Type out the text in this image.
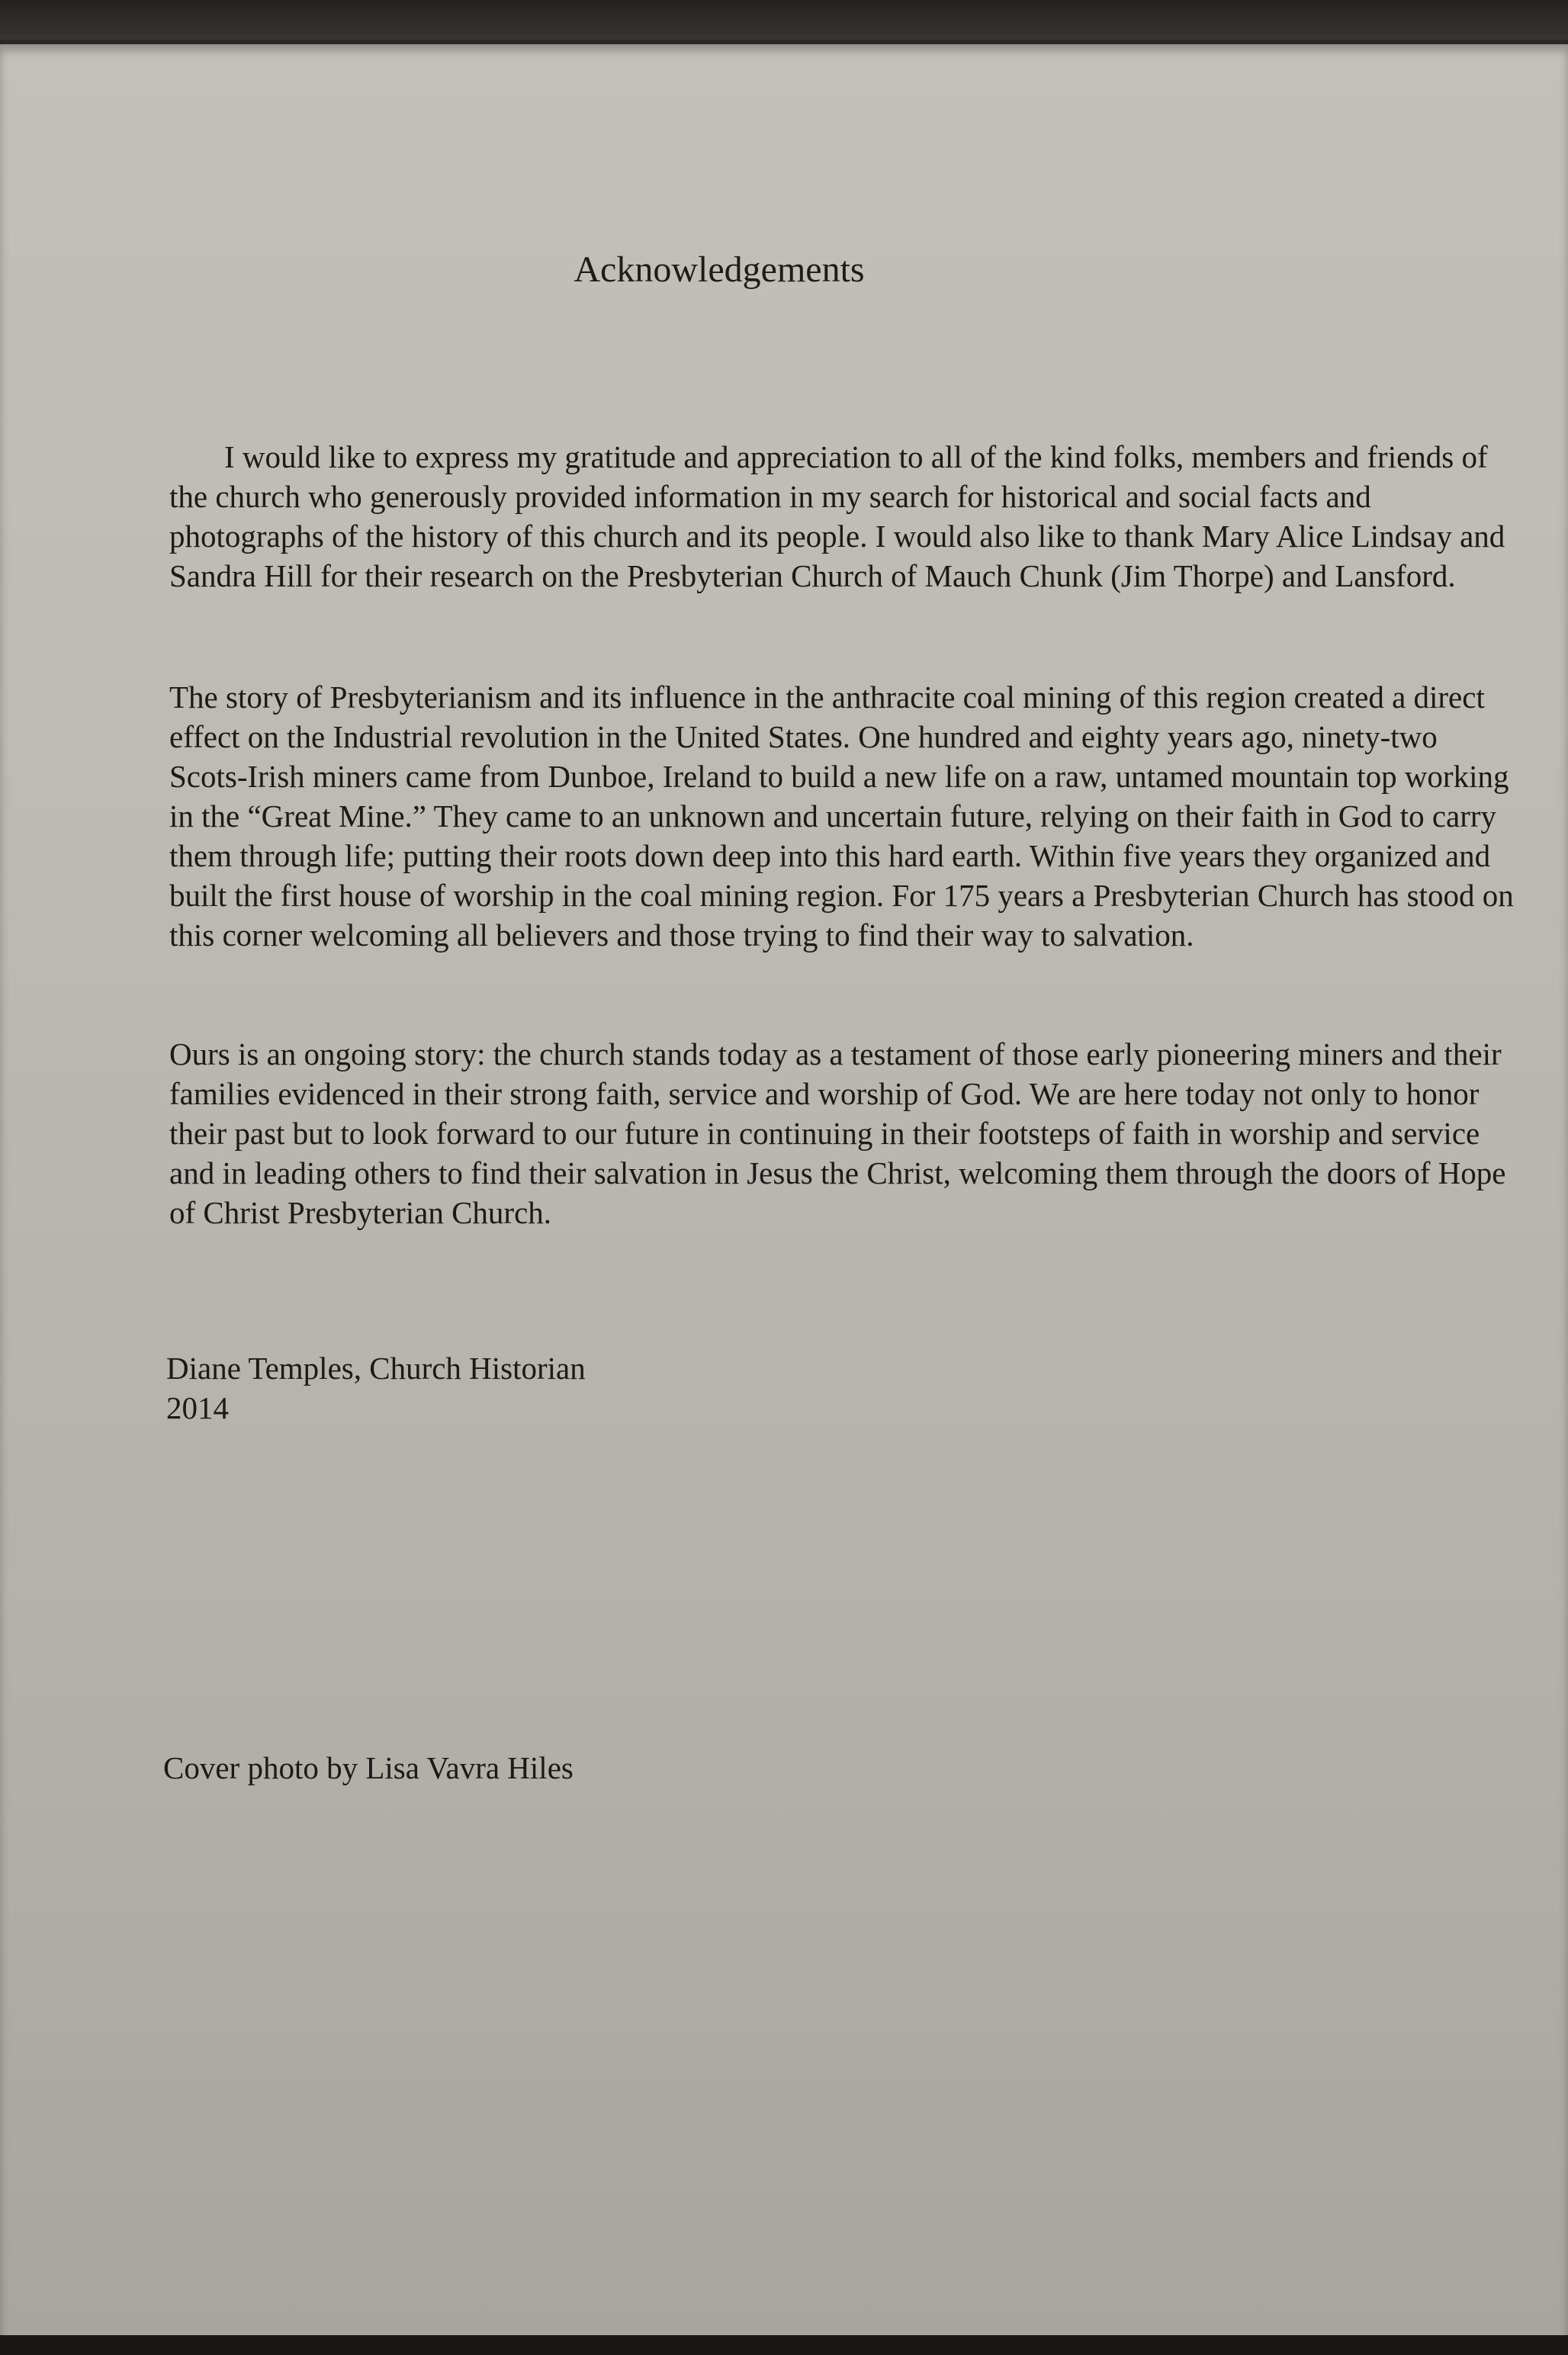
Acknowledgements

I would like to express my gratitude and appreciation to all of the kind folks, members and friends of the church who generously provided information in my search for historical and social facts and photographs of the history of this church and its people. I would also like to thank Mary Alice Lindsay and Sandra Hill for their research on the Presbyterian Church of Mauch Chunk (Jim Thorpe) and Lansford.

The story of Presbyterianism and its influence in the anthracite coal mining of this region created a direct effect on the Industrial revolution in the United States. One hundred and eighty years ago, ninety-two Scots-Irish miners came from Dunboe, Ireland to build a new life on a raw, untamed mountain top working in the “Great Mine.” They came to an unknown and uncertain future, relying on their faith in God to carry them through life; putting their roots down deep into this hard earth. Within five years they organized and built the first house of worship in the coal mining region. For 175 years a Presbyterian Church has stood on this corner welcoming all believers and those trying to find their way to salvation.

Ours is an ongoing story: the church stands today as a testament of those early pioneering miners and their families evidenced in their strong faith, service and worship of God. We are here today not only to honor their past but to look forward to our future in continuing in their footsteps of faith in worship and service and in leading others to find their salvation in Jesus the Christ, welcoming them through the doors of Hope of Christ Presbyterian Church.

Diane Temples, Church Historian
2014
Cover photo by Lisa Vavra Hiles
